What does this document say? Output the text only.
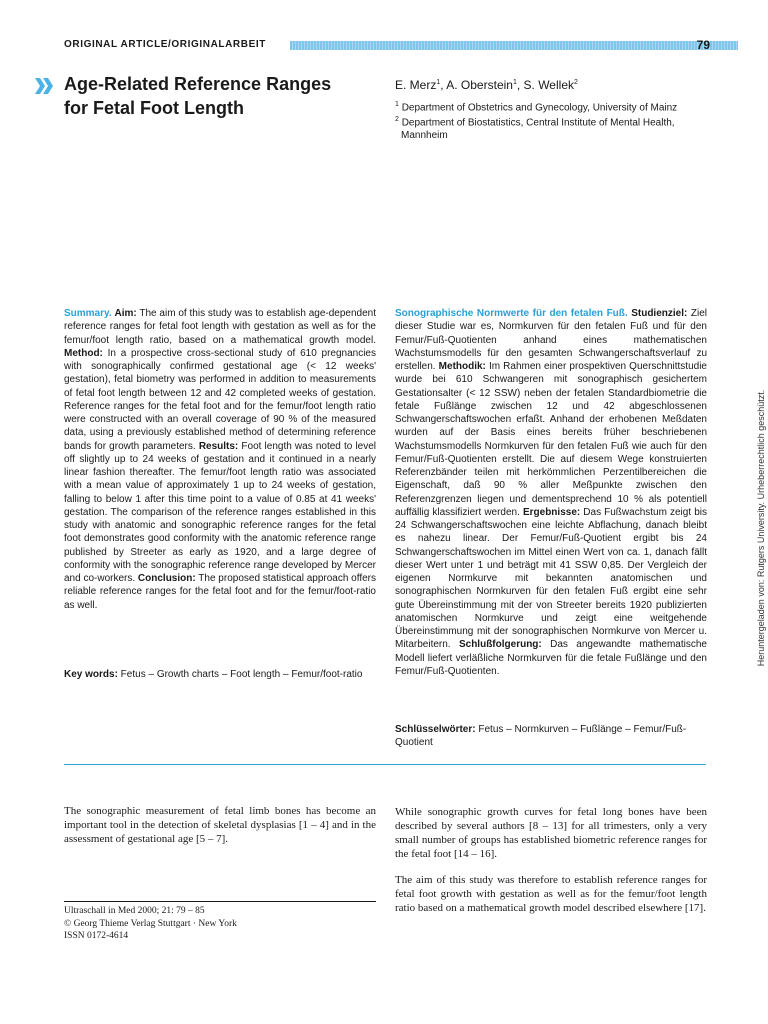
ORIGINAL ARTICLE/ORIGINALARBEIT	79
Age-Related Reference Ranges
for Fetal Foot Length
E. Merz$^1$, A. Oberstein$^1$, S. Wellek$^2$
$^1$ Department of Obstetrics and Gynecology, University of Mainz
$^2$ Department of Biostatistics, Central Institute of Mental Health,
Mannheim
Summary. Aim: The aim of this study was to establish age-dependent reference ranges for fetal foot length with gestation as well as for the femur/foot length ratio, based on a mathematical growth model. Method: In a prospective cross-sectional study of 610 pregnancies with sonographically confirmed gestational age (< 12 weeks' gestation), fetal biometry was performed in addition to measurements of fetal foot length between 12 and 42 completed weeks of gestation. Reference ranges for the fetal foot and for the femur/foot length ratio were constructed with an overall coverage of 90 % of the measured data, using a previously established method of determining reference bands for growth parameters. Results: Foot length was noted to level off slightly up to 24 weeks of gestation and it continued in a nearly linear fashion thereafter. The femur/foot length ratio was associated with a mean value of approximately 1 up to 24 weeks of gestation, falling to below 1 after this time point to a value of 0.85 at 41 weeks' gestation. The comparison of the reference ranges established in this study with anatomic and sonographic reference ranges for the fetal foot demonstrates good conformity with the anatomic reference range published by Streeter as early as 1920, and a large degree of conformity with the sonographic reference range developed by Mercer and co-workers. Conclusion: The proposed statistical approach offers reliable reference ranges for the fetal foot and for the femur/foot-ratio as well.
Key words: Fetus – Growth charts – Foot length – Femur/foot-ratio
Sonographische Normwerte für den fetalen Fuß. Studienziel: Ziel dieser Studie war es, Normkurven für den fetalen Fuß und für den Femur/Fuß-Quotienten anhand eines mathematischen Wachstumsmodells für den gesamten Schwangerschaftsverlauf zu erstellen. Methodik: Im Rahmen einer prospektiven Querschnittstudie wurde bei 610 Schwangeren mit sonographisch gesichertem Gestationsalter (< 12 SSW) neben der fetalen Standardbiometrie die fetale Fußlänge zwischen 12 und 42 abgeschlossenen Schwangerschaftswochen erfaßt. Anhand der erhobenen Meßdaten wurden auf der Basis eines bereits früher beschriebenen Wachstumsmodells Normkurven für den fetalen Fuß wie auch für den Femur/Fuß-Quotienten erstellt. Die auf diesem Wege konstruierten Referenzbänder teilen mit herkömmlichen Perzentilbereichen die Eigenschaft, daß 90 % aller Meßpunkte zwischen den Referenzgrenzen liegen und dementsprechend 10 % als potentiell auffällig klassifiziert werden. Ergebnisse: Das Fußwachstum zeigt bis 24 Schwangerschaftswochen eine leichte Abflachung, danach bleibt es nahezu linear. Der Femur/Fuß-Quotient ergibt bis 24 Schwangerschaftswochen im Mittel einen Wert von ca. 1, danach fällt dieser Wert unter 1 und beträgt mit 41 SSW 0,85. Der Vergleich der eigenen Normkurve mit bekannten anatomischen und sonographischen Normkurven für den fetalen Fuß ergibt eine sehr gute Übereinstimmung mit der von Streeter bereits 1920 publizierten anatomischen Normkurve und zeigt eine weitgehende Übereinstimmung mit der sonographischen Normkurve von Mercer u. Mitarbeitern. Schlußfolgerung: Das angewandte mathematische Modell liefert verläßliche Normkurven für die fetale Fußlänge und den Femur/Fuß-Quotienten.
Schlüsselwörter: Fetus – Normkurven – Fußlänge – Femur/Fuß-Quotient

The sonographic measurement of fetal limb bones has become an important tool in the detection of skeletal dysplasias [1 – 4] and in the assessment of gestational age [5 – 7].

While sonographic growth curves for fetal long bones have been described by several authors [8 – 13] for all trimesters, only a very small number of groups has established biometric reference ranges for the fetal foot [14 – 16].

The aim of this study was therefore to establish reference ranges for fetal foot growth with gestation as well as for the femur/foot length ratio based on a mathematical growth model described elsewhere [17].

Ultraschall in Med 2000; 21: 79 – 85
© Georg Thieme Verlag Stuttgart · New York
ISSN 0172-4614
Heruntergeladen von: Rutgers University. Urheberrechtlich geschützt.
